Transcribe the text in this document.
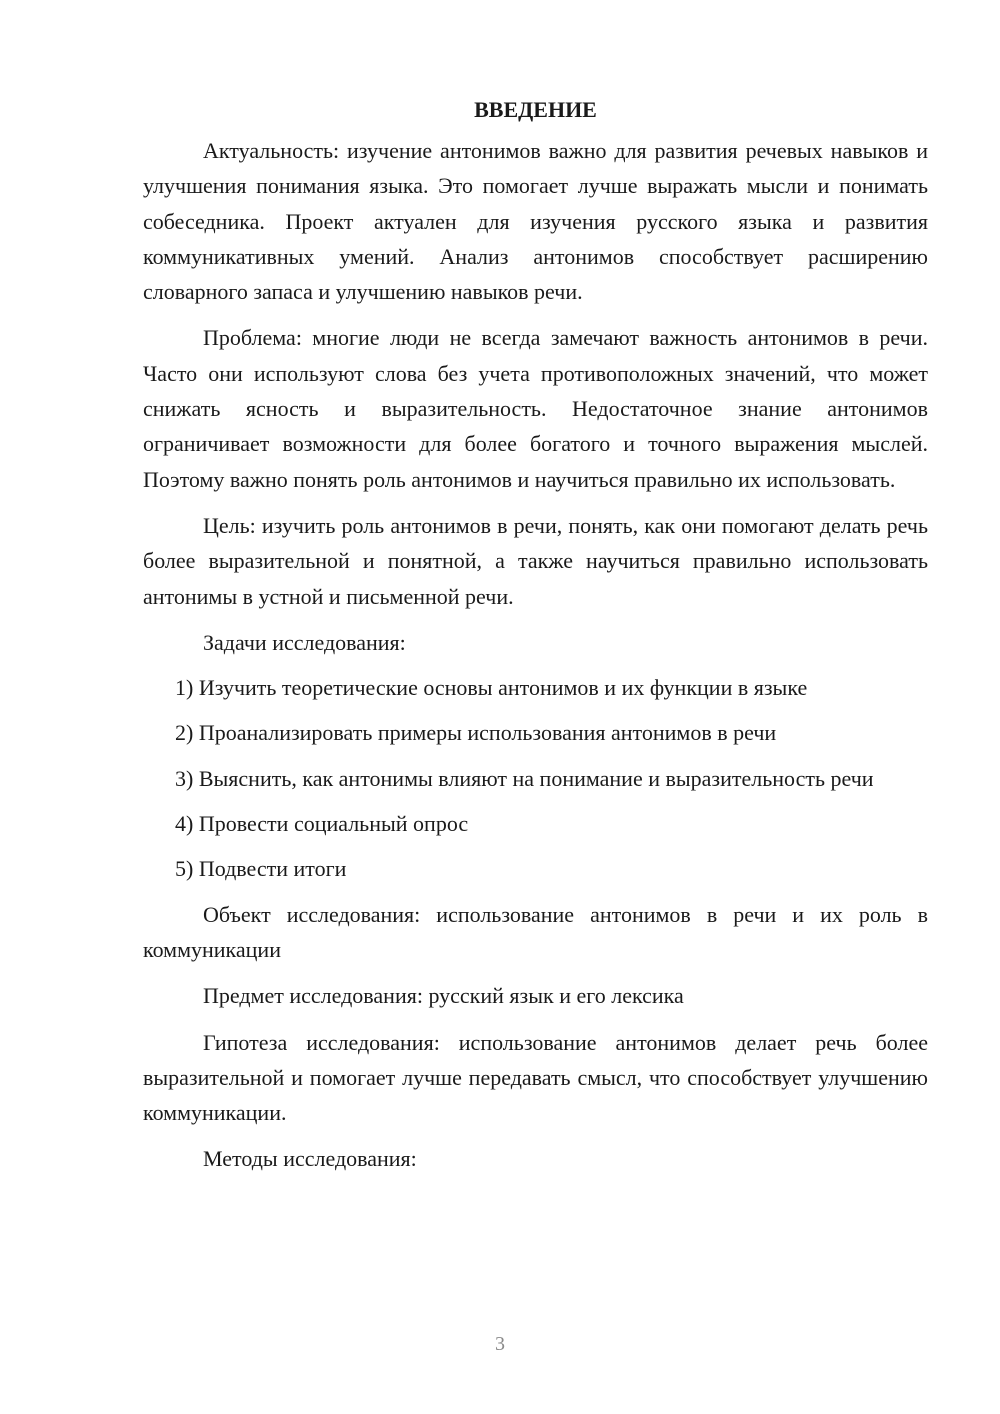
ВВЕДЕНИЕ

Актуальность: изучение антонимов важно для развития речевых навыков и улучшения понимания языка. Это помогает лучше выражать мысли и понимать собеседника. Проект актуален для изучения русского языка и развития коммуникативных умений. Анализ антонимов способствует расширению словарного запаса и улучшению навыков речи.

Проблема: многие люди не всегда замечают важность антонимов в речи. Часто они используют слова без учета противоположных значений, что может снижать ясность и выразительность. Недостаточное знание антонимов ограничивает возможности для более богатого и точного выражения мыслей. Поэтому важно понять роль антонимов и научиться правильно их использовать.

Цель: изучить роль антонимов в речи, понять, как они помогают делать речь более выразительной и понятной, а также научиться правильно использовать антонимы в устной и письменной речи.

Задачи исследования:

1) Изучить теоретические основы антонимов и их функции в языке

2) Проанализировать примеры использования антонимов в речи

3) Выяснить, как антонимы влияют на понимание и выразительность речи

4) Провести социальный опрос

5) Подвести итоги

Объект исследования: использование антонимов в речи и их роль в коммуникации

Предмет исследования: русский язык и его лексика

Гипотеза исследования: использование антонимов делает речь более выразительной и помогает лучше передавать смысл, что способствует улучшению коммуникации.

Методы исследования:

3
